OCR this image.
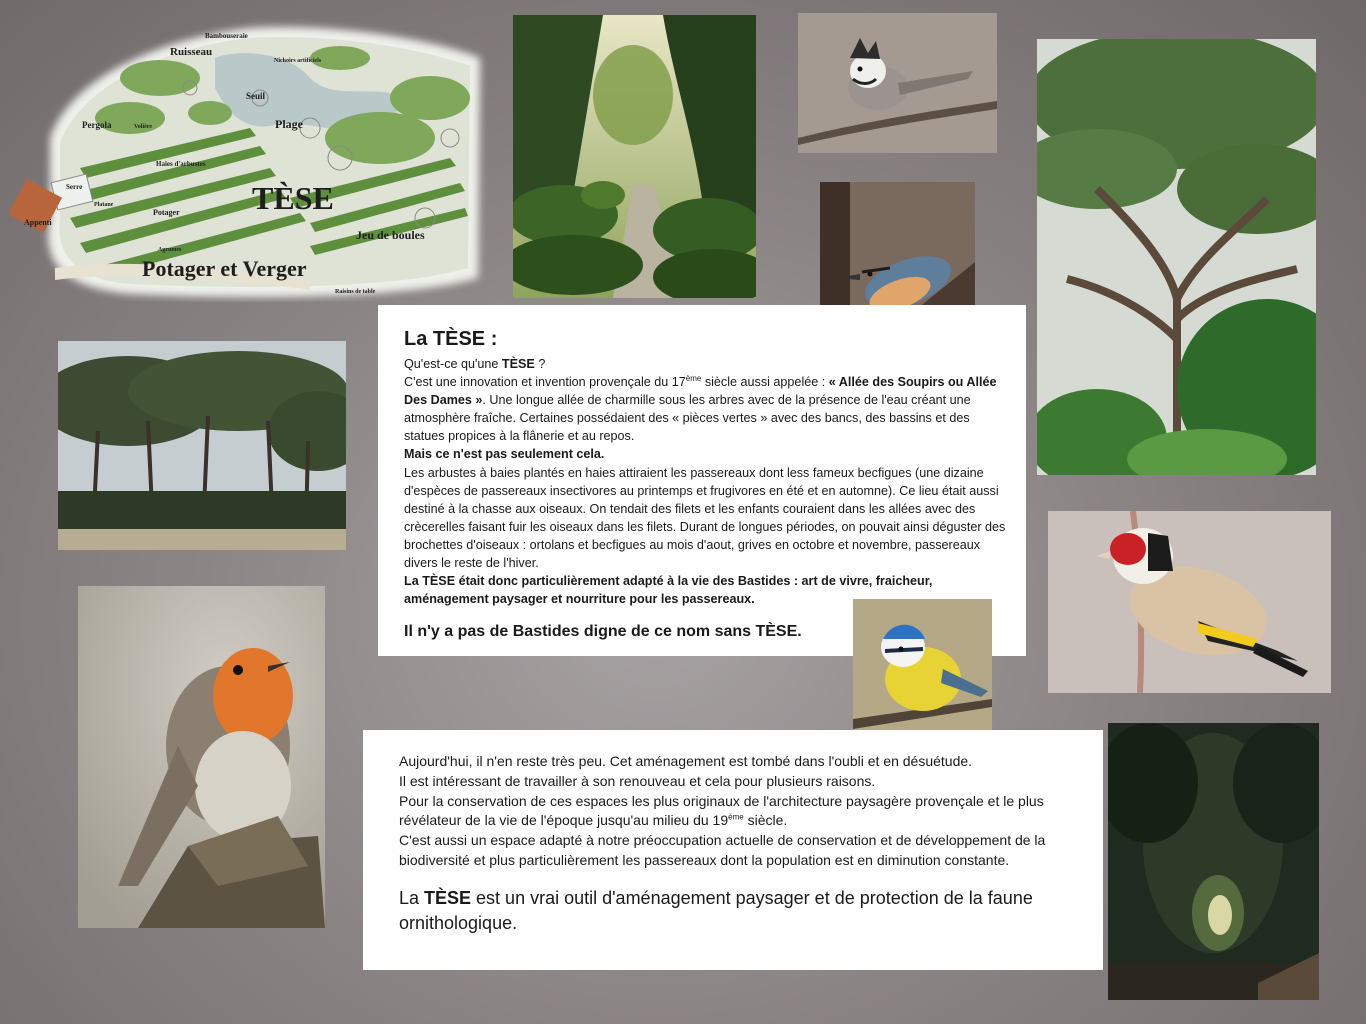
Bambouseraie
Ruisseau
Nichoirs artificiels
Seuil
Plage
Pergola	Volière
Haies d'arbustes
Serre	TÈSE
Platane
Potager
Appenti
Jeu de boules
Agrumes
Potager et Verger
Raisins de table
La TÈSE :

Qu'est-ce qu'une TÈSE ?

C'est une innovation et invention provençale du 17ème siècle aussi appelée : « Allée des Soupirs ou Allée Des Dames ». Une longue allée de charmille sous les arbres avec de la présence de l'eau créant une atmosphère fraîche. Certaines possédaient des « pièces vertes » avec des bancs, des bassins et des statues propices à la flânerie et au repos.

Mais ce n'est pas seulement cela.

Les arbustes à baies plantés en haies attiraient les passereaux dont less fameux becfigues (une dizaine d'espèces de passereaux insectivores au printemps et frugivores en été et en automne). Ce lieu était aussi destiné à la chasse aux oiseaux. On tendait des filets et les enfants couraient dans les allées avec des crècerelles faisant fuir les oiseaux dans les filets. Durant de longues périodes, on pouvait ainsi déguster des brochettes d'oiseaux : ortolans et becfigues au mois d'aout, grives en octobre et novembre, passereaux divers le reste de l'hiver.

La TÈSE était donc particulièrement adapté à la vie des Bastides : art de vivre, fraicheur, aménagement paysager et nourriture pour les passereaux.

Il n'y a pas de Bastides digne de ce nom sans TÈSE.

Aujourd'hui, il n'en reste très peu. Cet aménagement est tombé dans l'oubli et en désuétude.

Il est intéressant de travailler à son renouveau et cela pour plusieurs raisons.

Pour la conservation de ces espaces les plus originaux de l'architecture paysagère provençale et le plus révélateur de la vie de l'époque jusqu'au milieu du 19ème siècle.

C'est aussi un espace adapté à notre préoccupation actuelle de conservation et de développement de la biodiversité et plus particulièrement les passereaux dont la population est en diminution constante.

La TÈSE est un vrai outil d'aménagement paysager et de protection de la faune ornithologique.
